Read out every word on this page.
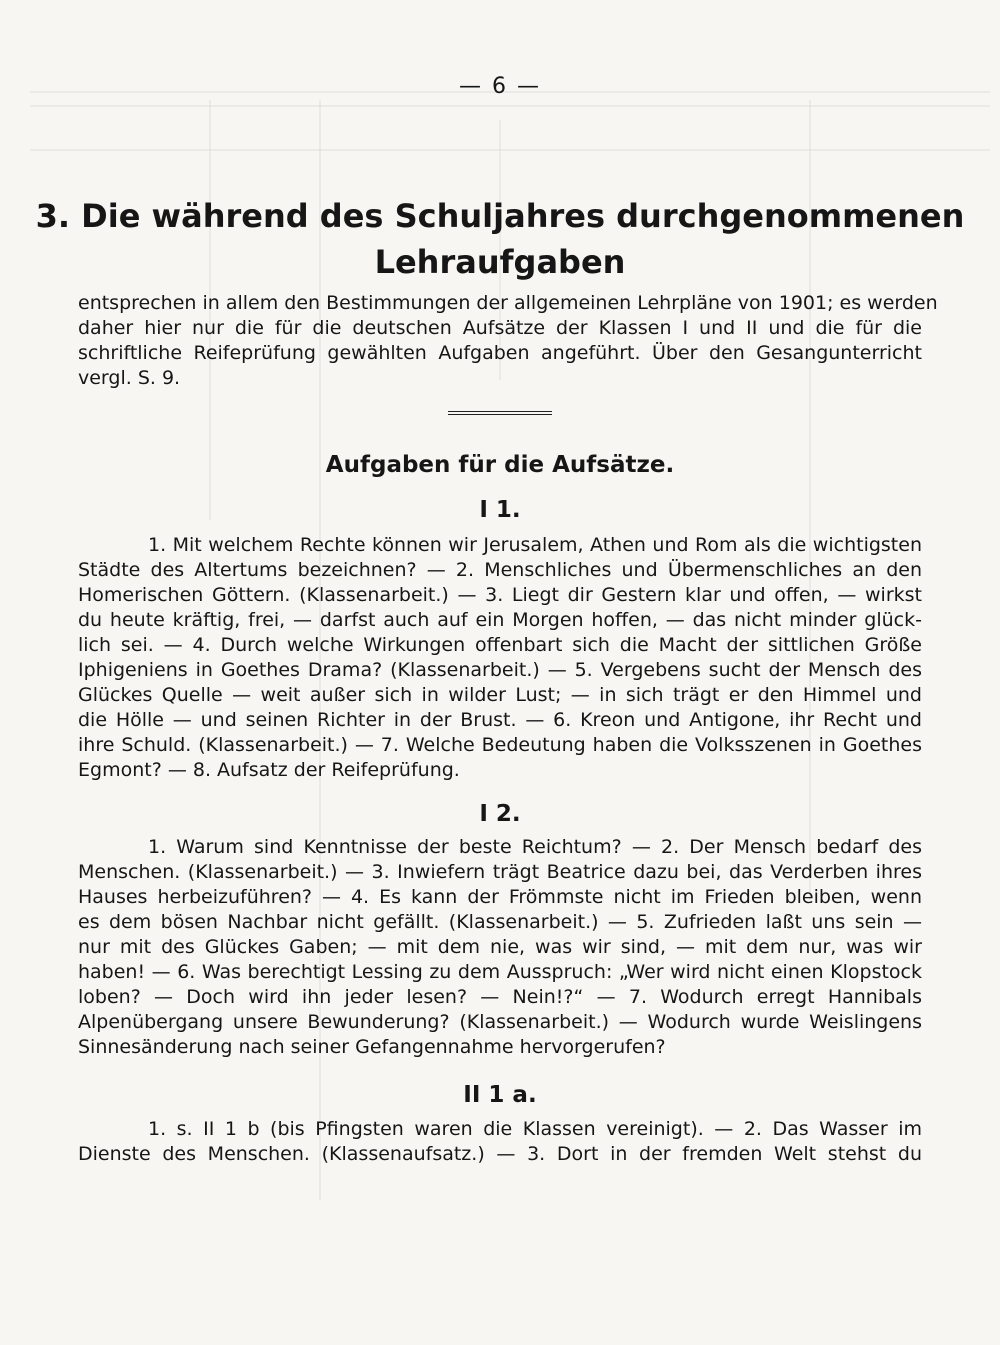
— 6 —
3. Die während des Schuljahres durchgenommenen
Lehraufgaben
entsprechen in allem den Bestimmungen der allgemeinen Lehrpläne von 1901; es werden
daher hier nur die für die deutschen Aufsätze der Klassen I und II und die für die
schriftliche Reifeprüfung gewählten Aufgaben angeführt. Über den Gesangunterricht
vergl. S. 9.
Aufgaben für die Aufsätze.
I 1.
1. Mit welchem Rechte können wir Jerusalem, Athen und Rom als die wichtigsten
Städte des Altertums bezeichnen? — 2. Menschliches und Übermenschliches an den
Homerischen Göttern. (Klassenarbeit.) — 3. Liegt dir Gestern klar und offen, — wirkst
du heute kräftig, frei, — darfst auch auf ein Morgen hoffen, — das nicht minder glück-
lich sei. — 4. Durch welche Wirkungen offenbart sich die Macht der sittlichen Größe
Iphigeniens in Goethes Drama? (Klassenarbeit.) — 5. Vergebens sucht der Mensch des
Glückes Quelle — weit außer sich in wilder Lust; — in sich trägt er den Himmel und
die Hölle — und seinen Richter in der Brust. — 6. Kreon und Antigone, ihr Recht und
ihre Schuld. (Klassenarbeit.) — 7. Welche Bedeutung haben die Volksszenen in Goethes
Egmont? — 8. Aufsatz der Reifeprüfung.
I 2.
1. Warum sind Kenntnisse der beste Reichtum? — 2. Der Mensch bedarf des
Menschen. (Klassenarbeit.) — 3. Inwiefern trägt Beatrice dazu bei, das Verderben ihres
Hauses herbeizuführen? — 4. Es kann der Frömmste nicht im Frieden bleiben, wenn
es dem bösen Nachbar nicht gefällt. (Klassenarbeit.) — 5. Zufrieden laßt uns sein —
nur mit des Glückes Gaben; — mit dem nie, was wir sind, — mit dem nur, was wir
haben! — 6. Was berechtigt Lessing zu dem Ausspruch: „Wer wird nicht einen Klopstock
loben? — Doch wird ihn jeder lesen? — Nein!?“ — 7. Wodurch erregt Hannibals
Alpenübergang unsere Bewunderung? (Klassenarbeit.) — Wodurch wurde Weislingens
Sinnesänderung nach seiner Gefangennahme hervorgerufen?
II 1 a.
1. s. II 1 b (bis Pfingsten waren die Klassen vereinigt). — 2. Das Wasser im
Dienste des Menschen. (Klassenaufsatz.) — 3. Dort in der fremden Welt stehst du
